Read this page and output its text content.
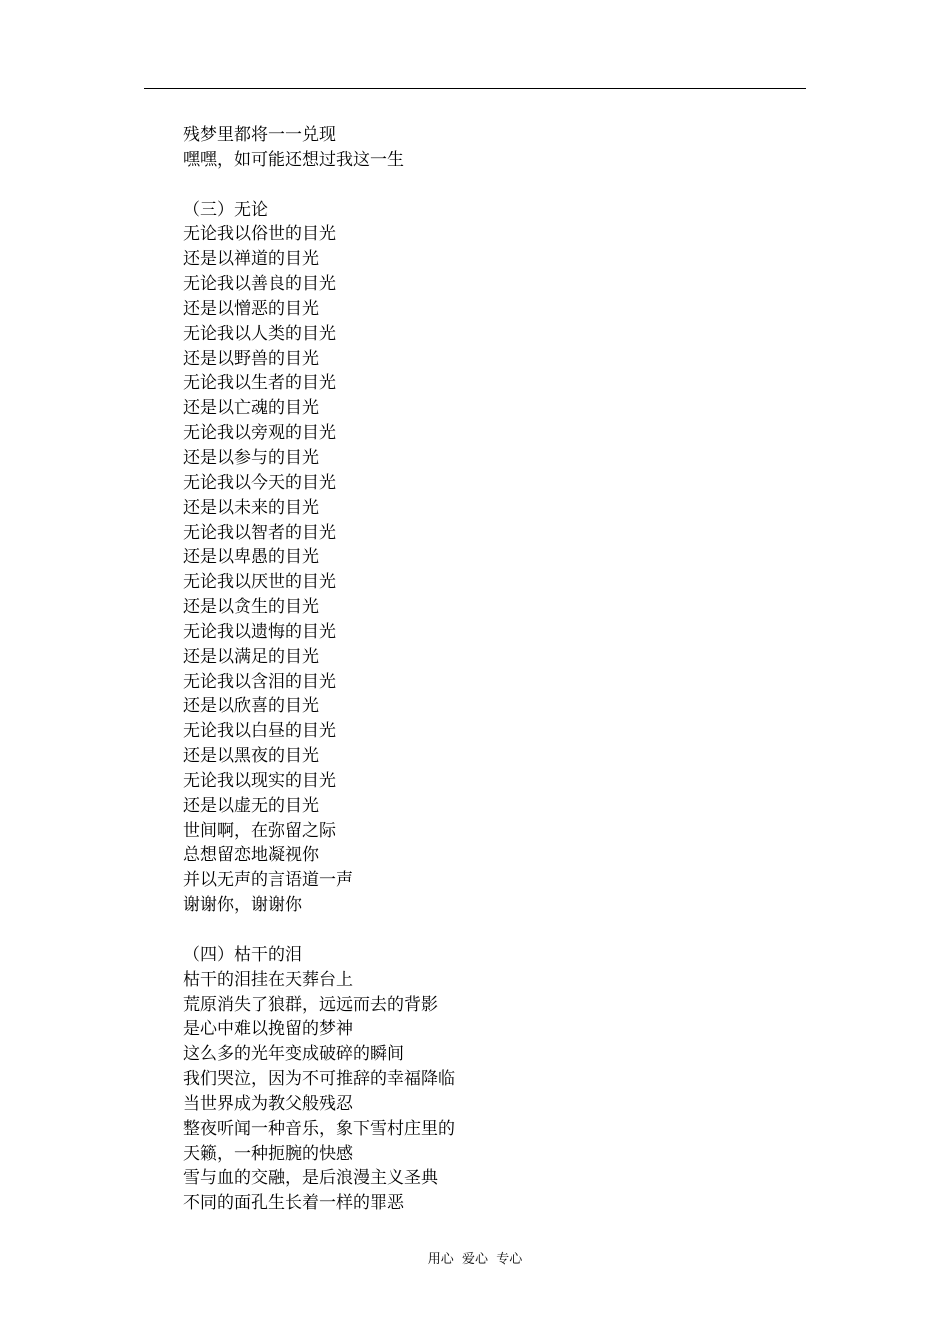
残梦里都将一一兑现
嘿嘿，如可能还想过我这一生
（三）无论
无论我以俗世的目光
还是以禅道的目光
无论我以善良的目光
还是以憎恶的目光
无论我以人类的目光
还是以野兽的目光
无论我以生者的目光
还是以亡魂的目光
无论我以旁观的目光
还是以参与的目光
无论我以今天的目光
还是以未来的目光
无论我以智者的目光
还是以卑愚的目光
无论我以厌世的目光
还是以贪生的目光
无论我以遗悔的目光
还是以满足的目光
无论我以含泪的目光
还是以欣喜的目光
无论我以白昼的目光
还是以黑夜的目光
无论我以现实的目光
还是以虚无的目光
世间啊，在弥留之际
总想留恋地凝视你
并以无声的言语道一声
谢谢你，谢谢你
（四）枯干的泪
枯干的泪挂在天葬台上
荒原消失了狼群，远远而去的背影
是心中难以挽留的梦神
这么多的光年变成破碎的瞬间
我们哭泣，因为不可推辞的幸福降临
当世界成为教父般残忍
整夜听闻一种音乐，象下雪村庄里的
天籁，一种扼腕的快感
雪与血的交融，是后浪漫主义圣典
不同的面孔生长着一样的罪恶
用心  爱心  专心
